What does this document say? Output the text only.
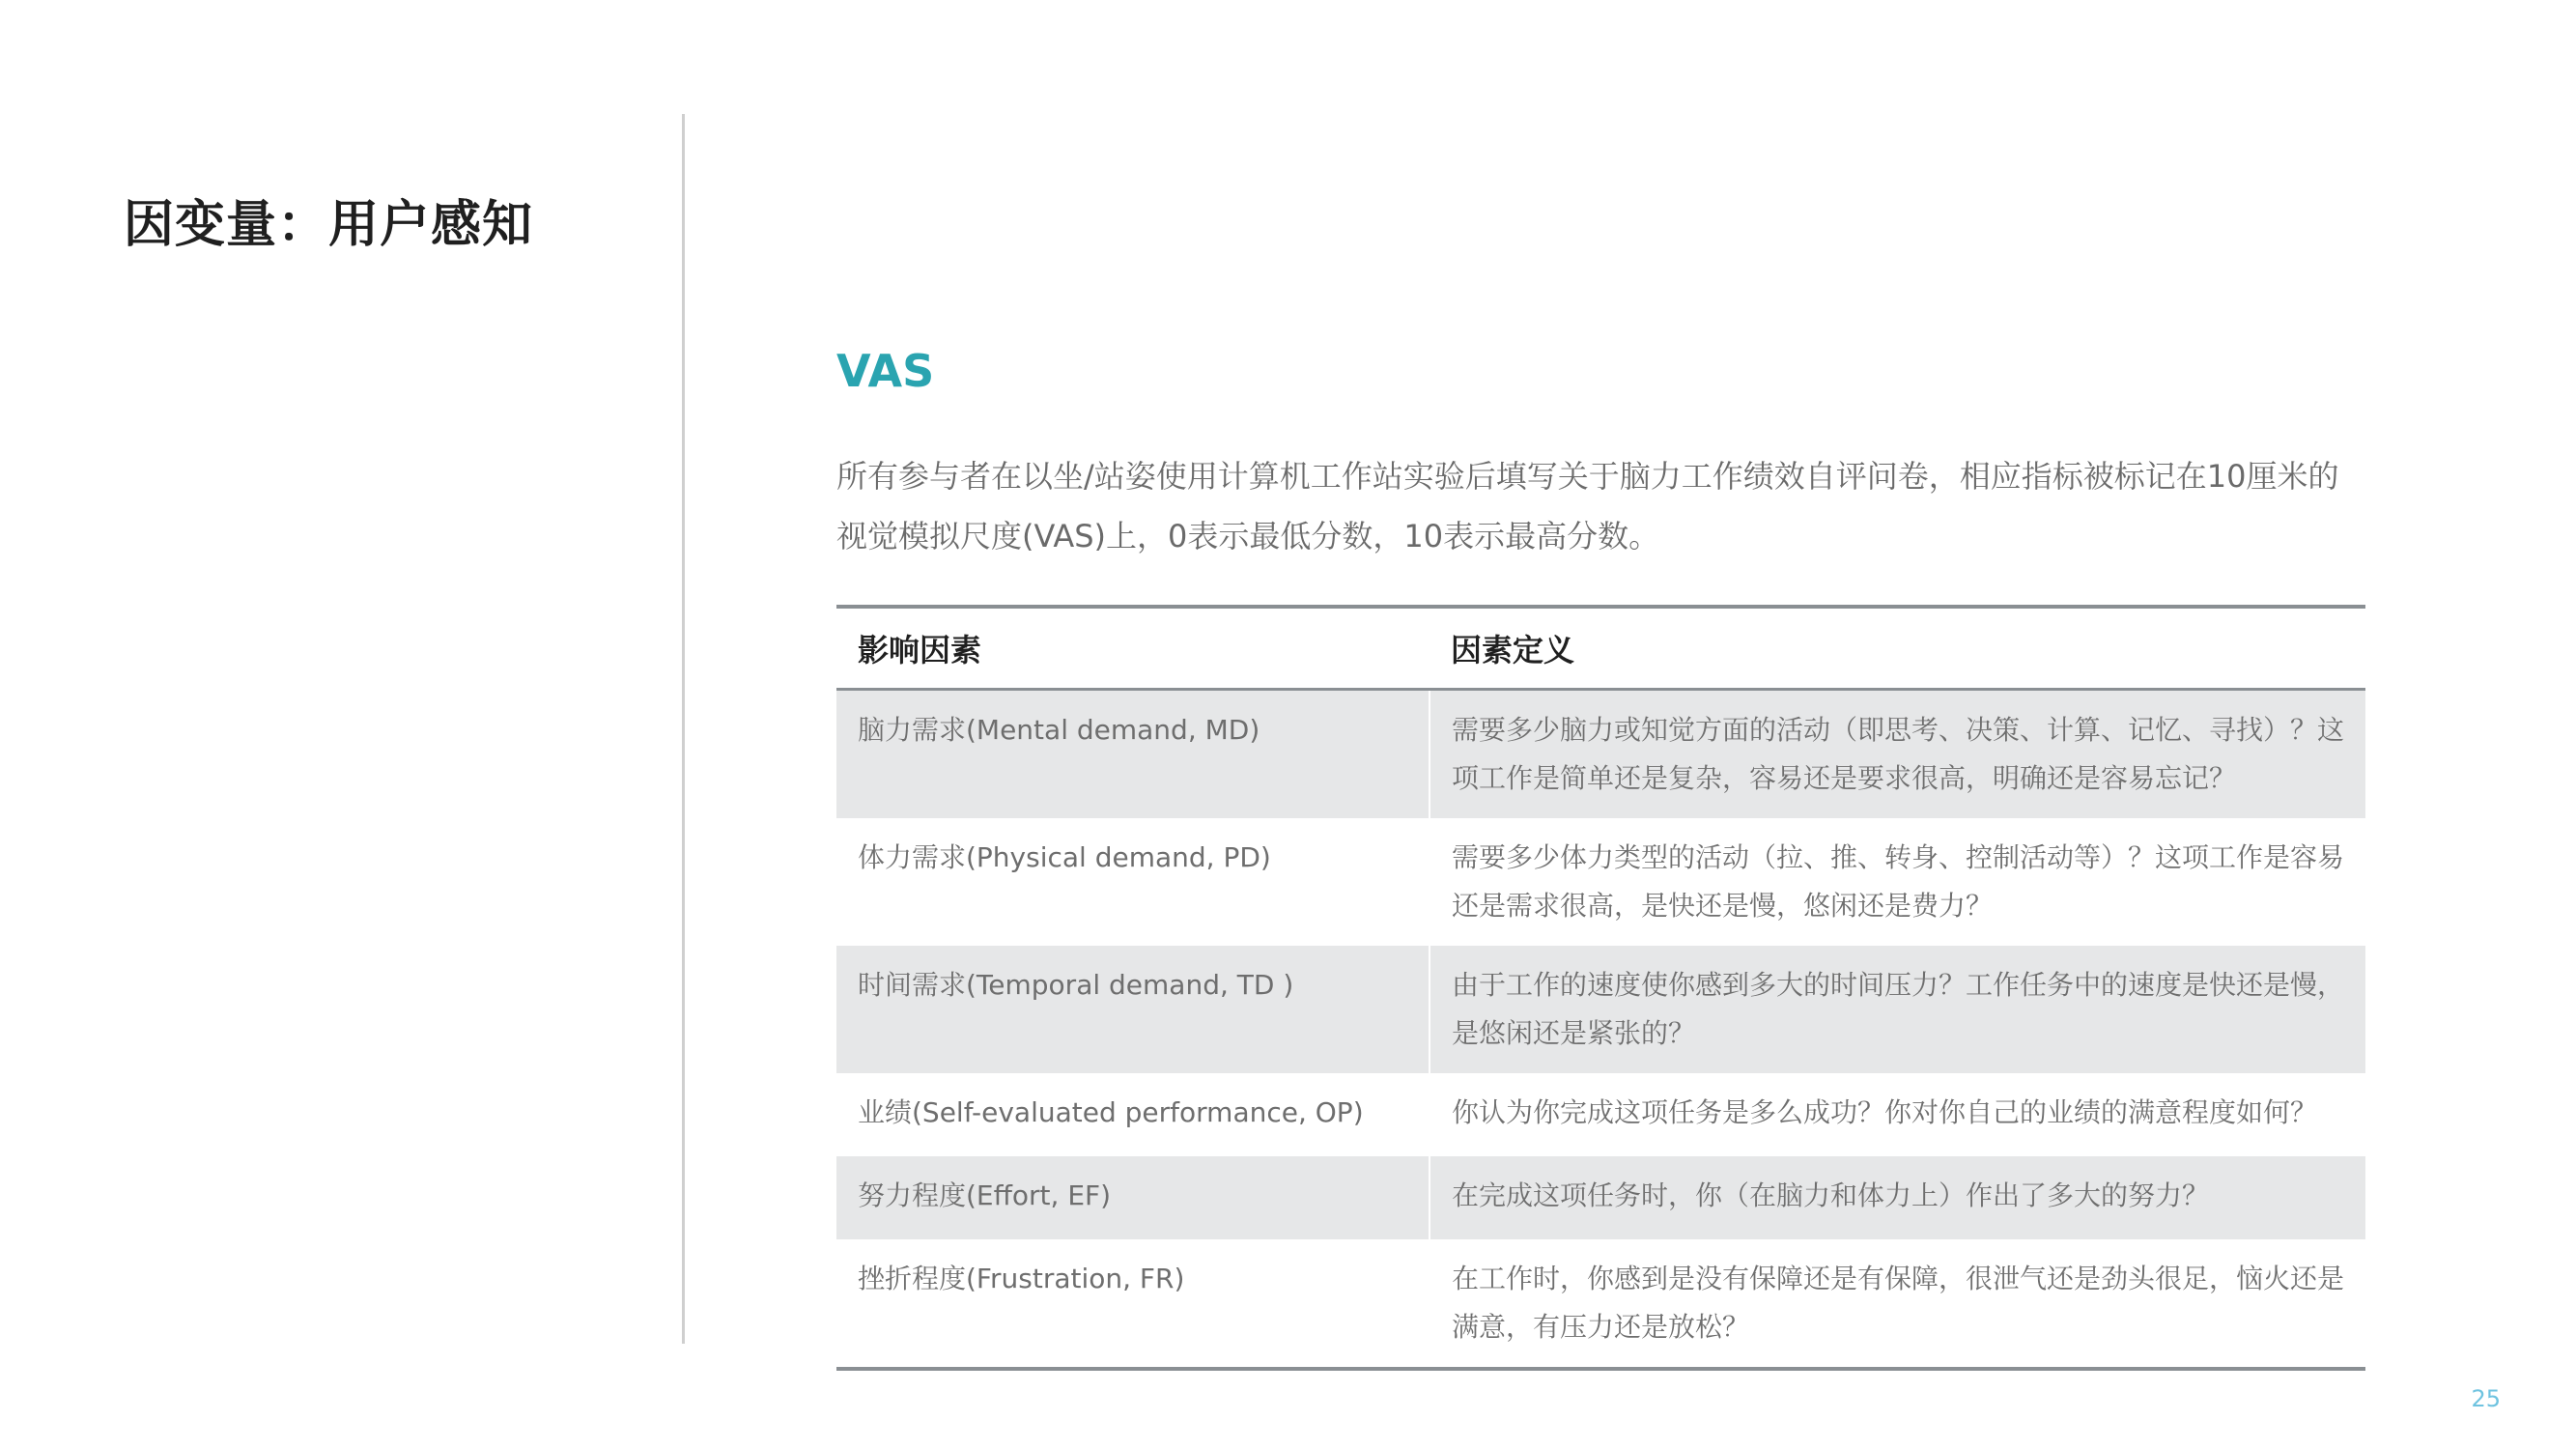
因变量：用户感知
VAS

所有参与者在以坐/站姿使用计算机工作站实验后填写关于脑力工作绩效自评问卷，相应指标被标记在10厘米的视觉模拟尺度(VAS)上，0表示最低分数，10表示最高分数。

影响因素	因素定义
脑力需求(Mental demand, MD)	需要多少脑力或知觉方面的活动（即思考、决策、计算、记忆、寻找）？这项工作是简单还是复杂，容易还是要求很高，明确还是容易忘记？
体力需求(Physical demand, PD)	需要多少体力类型的活动（拉、推、转身、控制活动等）？这项工作是容易还是需求很高，是快还是慢，悠闲还是费力？
时间需求(Temporal demand, TD )	由于工作的速度使你感到多大的时间压力？工作任务中的速度是快还是慢，是悠闲还是紧张的？
业绩(Self-evaluated performance, OP)	你认为你完成这项任务是多么成功？你对你自己的业绩的满意程度如何？
努力程度(Effort, EF)	在完成这项任务时，你（在脑力和体力上）作出了多大的努力？
挫折程度(Frustration, FR)	在工作时，你感到是没有保障还是有保障，很泄气还是劲头很足，恼火还是满意，有压力还是放松？
25
